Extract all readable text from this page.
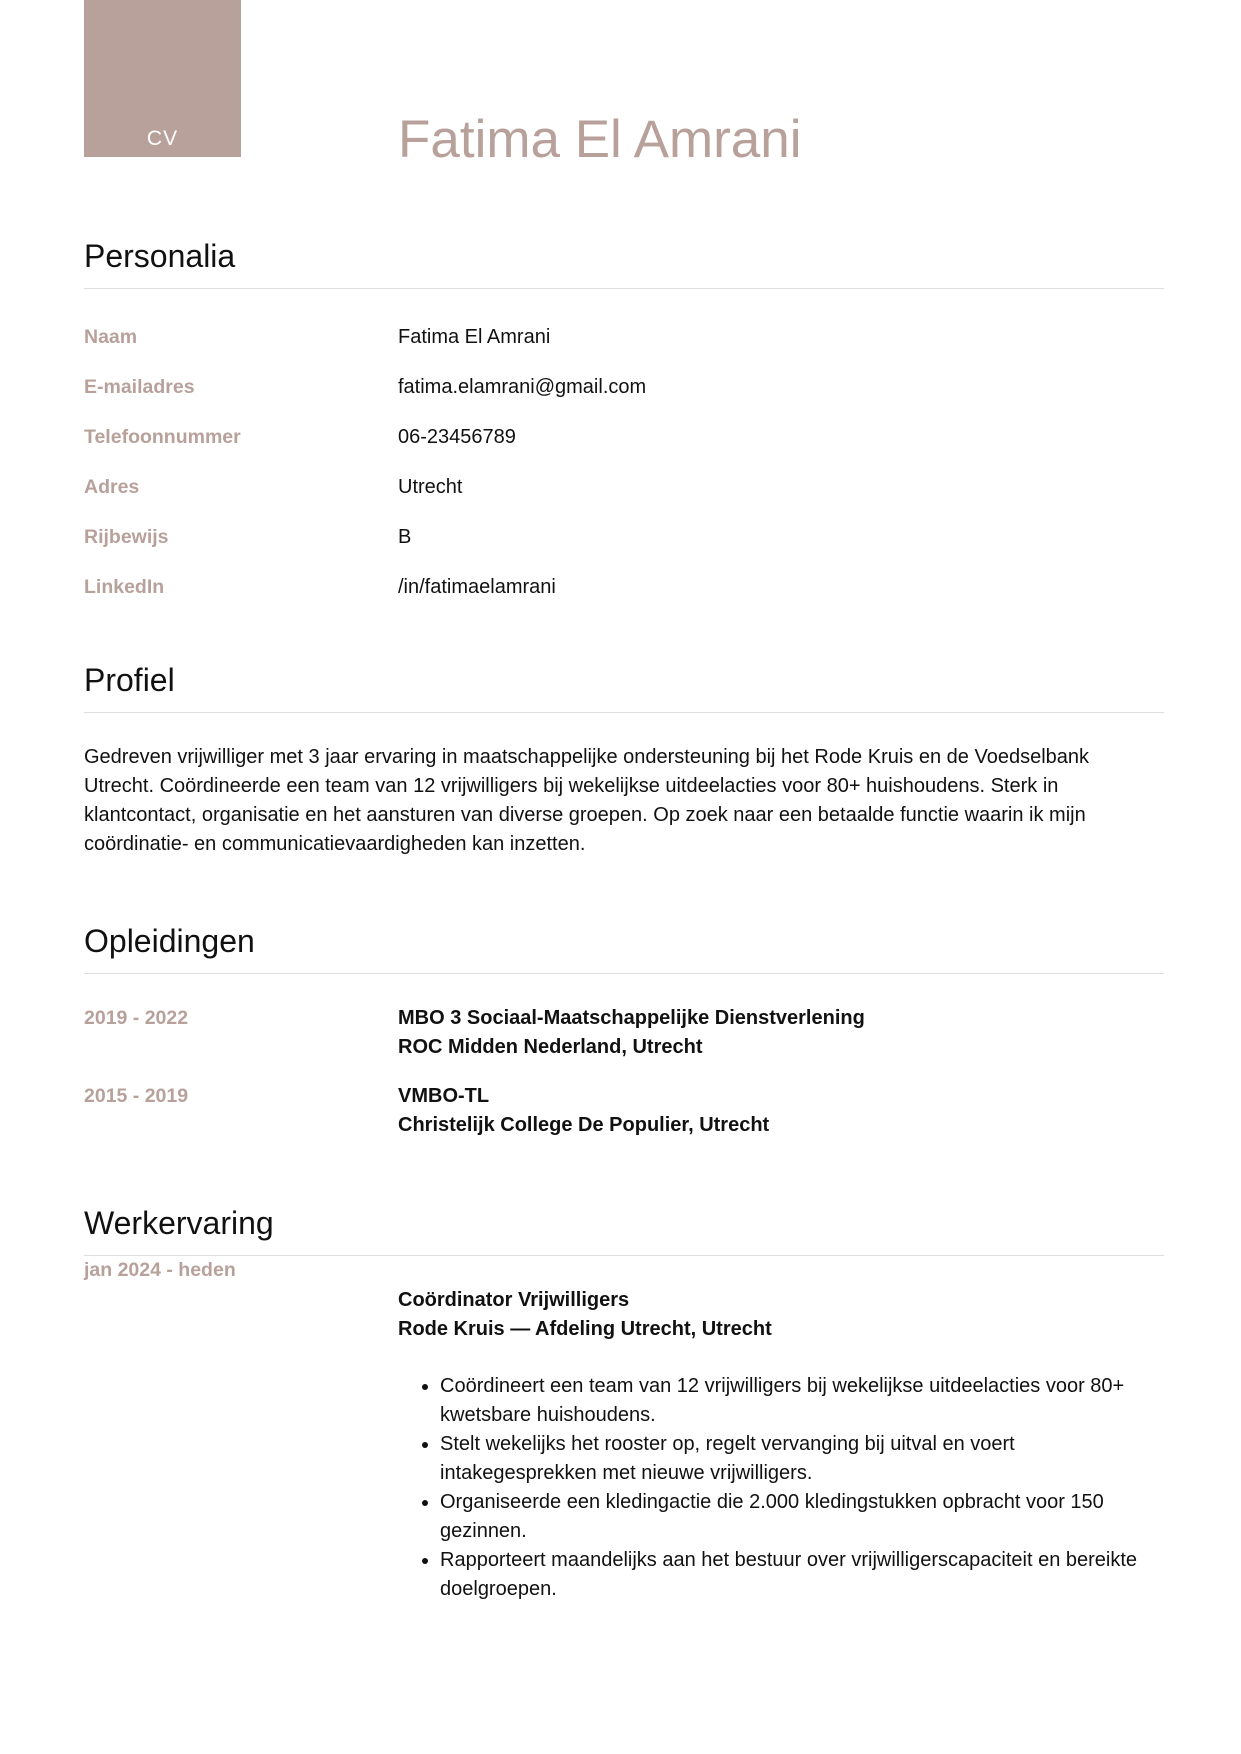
CV	Fatima El Amrani
Personalia
Naam	Fatima El Amrani
E-mailadres	fatima.elamrani@gmail.com
Telefoonnummer	06-23456789
Adres	Utrecht
Rijbewijs	B
LinkedIn	/in/fatimaelamrani
Profiel

Gedreven vrijwilliger met 3 jaar ervaring in maatschappelijke ondersteuning bij het Rode Kruis en de Voedselbank Utrecht. Coördineerde een team van 12 vrijwilligers bij wekelijkse uitdeelacties voor 80+ huishoudens. Sterk in klantcontact, organisatie en het aansturen van diverse groepen. Op zoek naar een betaalde functie waarin ik mijn coördinatie- en communicatievaardigheden kan inzetten.

Opleidingen
2019 - 2022	MBO 3 Sociaal-Maatschappelijke Dienstverlening
ROC Midden Nederland, Utrecht
2015 - 2019	VMBO-TL
Christelijk College De Populier, Utrecht
Werkervaring
jan 2024 - heden
Coördinator Vrijwilligers
Rode Kruis — Afdeling Utrecht, Utrecht
• Coördineert een team van 12 vrijwilligers bij wekelijkse uitdeelacties voor 80+ kwetsbare huishoudens.
• Stelt wekelijks het rooster op, regelt vervanging bij uitval en voert intakegesprekken met nieuwe vrijwilligers.
• Organiseerde een kledingactie die 2.000 kledingstukken opbracht voor 150 gezinnen.
• Rapporteert maandelijks aan het bestuur over vrijwilligerscapaciteit en bereikte doelgroepen.
